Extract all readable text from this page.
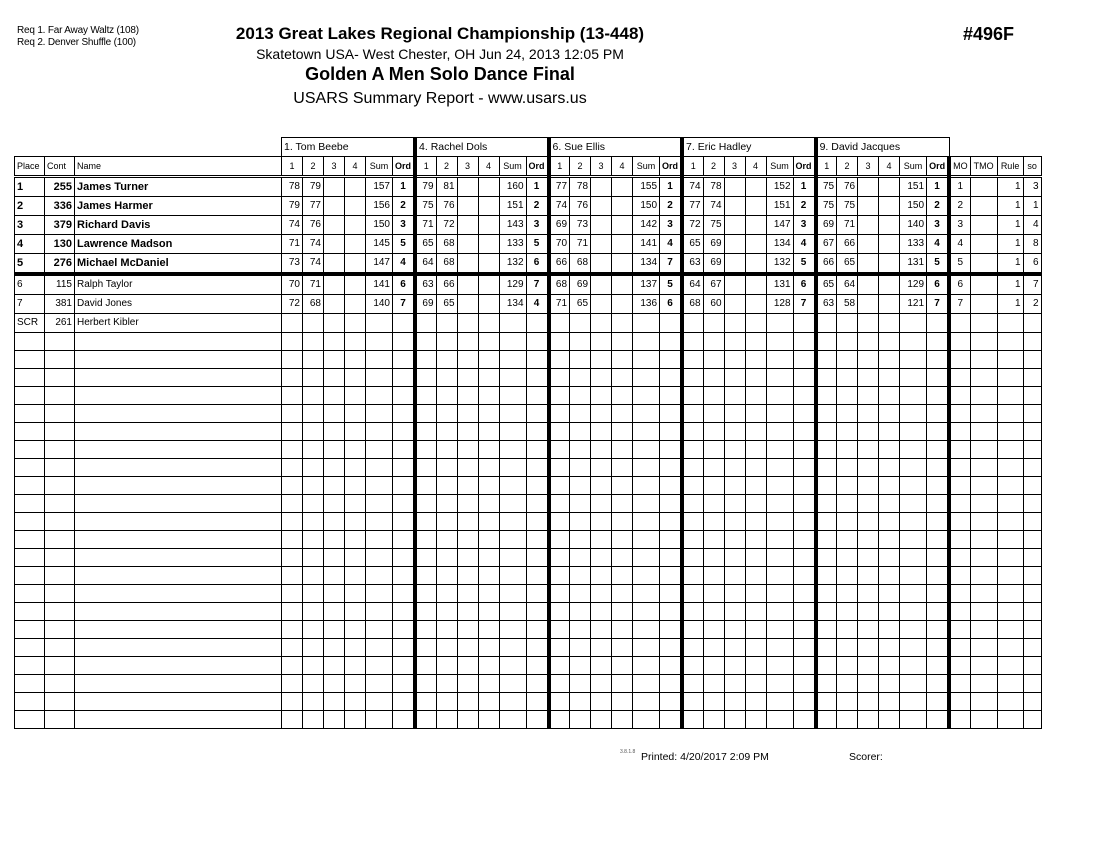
Req 1. Far Away Waltz (108)
Req 2. Denver Shuffle (100)	2013 Great Lakes Regional Championship (13-448)
Skatetown USA- West Chester, OH Jun 24, 2013 12:05 PM
Golden A Men Solo Dance Final
USARS Summary Report - www.usars.us
#496F
			1. Tom Beebe						4. Rachel Dols						6. Sue Ellis						7. Eric Hadley						9. David Jacques									
Place	Cont	Name	1	2	3	4	Sum	Ord	1	2	3	4	Sum	Ord	1	2	3	4	Sum	Ord	1	2	3	4	Sum	Ord	1	2	3	4	Sum	Ord	MO	TMO	Rule	so
1	255	James Turner	78	79			157	1	79	81			160	1	77	78			155	1	74	78			152	1	75	76			151	1	1		1	3
2	336	James Harmer	79	77			156	2	75	76			151	2	74	76			150	2	77	74			151	2	75	75			150	2	2		1	1
3	379	Richard Davis	74	76			150	3	71	72			143	3	69	73			142	3	72	75			147	3	69	71			140	3	3		1	4
4	130	Lawrence Madson	71	74			145	5	65	68			133	5	70	71			141	4	65	69			134	4	67	66			133	4	4		1	8
5	276	Michael McDaniel	73	74			147	4	64	68			132	6	66	68			134	7	63	69			132	5	66	65			131	5	5		1	6
6	115	Ralph Taylor	70	71			141	6	63	66			129	7	68	69			137	5	64	67			131	6	65	64			129	6	6		1	7
7	381	David Jones	72	68			140	7	69	65			134	4	71	65			136	6	68	60			128	7	63	58			121	7	7		1	2
SCR	261	Herbert Kibler																																		

3.8.1.8 Printed: 4/20/2017 2:09 PM	Scorer:
